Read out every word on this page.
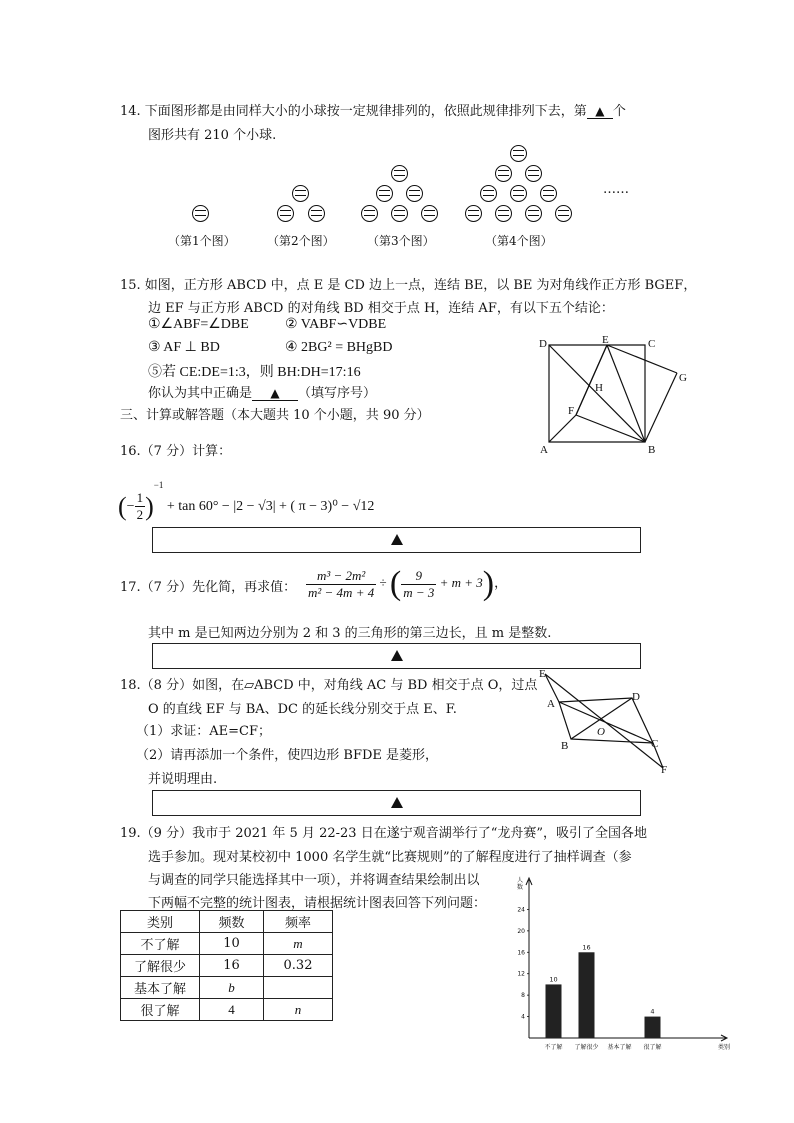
14. 下面图形都是由同样大小的小球按一定规律排列的，依照此规律排列下去，第 ▲ 个
图形共有 210 个小球.
……
（第1个图）	（第2个图）	（第3个图）	（第4个图）
15. 如图，正方形 ABCD 中，点 E 是 CD 边上一点，连结 BE，以 BE 为对角线作正方形 BGEF，
边 EF 与正方形 ABCD 的对角线 BD 相交于点 H，连结 AF，有以下五个结论：
①∠ABF=∠DBE	② VABF∽VDBE
③ AF ⊥ BD	④ 2BG² = BHgBD
⑤若 CE:DE=1:3，则 BH:DH=17:16
你认为其中正确是 ▲ （填写序号）
D	E	C
G
H
F
A	B
三、计算或解答题（本大题共 10 个小题，共 90 分）
16.（7 分）计算：
(− $\frac{1}{2} )^{-1} + \tan 60^\circ - |2 - √3|$ + ( π − 3)⁰ − √12
17.（7 分）先化简，再求值： $\frac{\text{m³ − 2m²}}{\text{m² − 4m + 4}}$ ÷ ( $\frac{9}{m - 3} + m + 3$)，
其中 m 是已知两边分别为 2 和 3 的三角形的第三边长，且 m 是整数.
18.（8 分）如图，在▱ABCD 中，对角线 AC 与 BD 相交于点 O，过点
O 的直线 EF 与 BA、DC 的延长线分别交于点 E、F.
（1）求证：AE=CF；
（2）请再添加一个条件，使四边形 BFDE 是菱形，
并说明理由.
E
A
D
O
B	C
F
19.（9 分）我市于 2021 年 5 月 22-23 日在遂宁观音湖举行了“龙舟赛”，吸引了全国各地
选手参加。现对某校初中 1000 名学生就“比赛规则”的了解程度进行了抽样调查（参
与调查的同学只能选择其中一项），并将调查结果绘制出以
下两幅不完整的统计图表，请根据统计图表回答下列问题：
类别	频数	频率
不了解	10	m
了解很少	16	0.32
基本了解	b	
很了解	4	n
人
数
4
8
12
16
20
24
10
不了解
16
了解很少 基本了解
4
很了解	类别
